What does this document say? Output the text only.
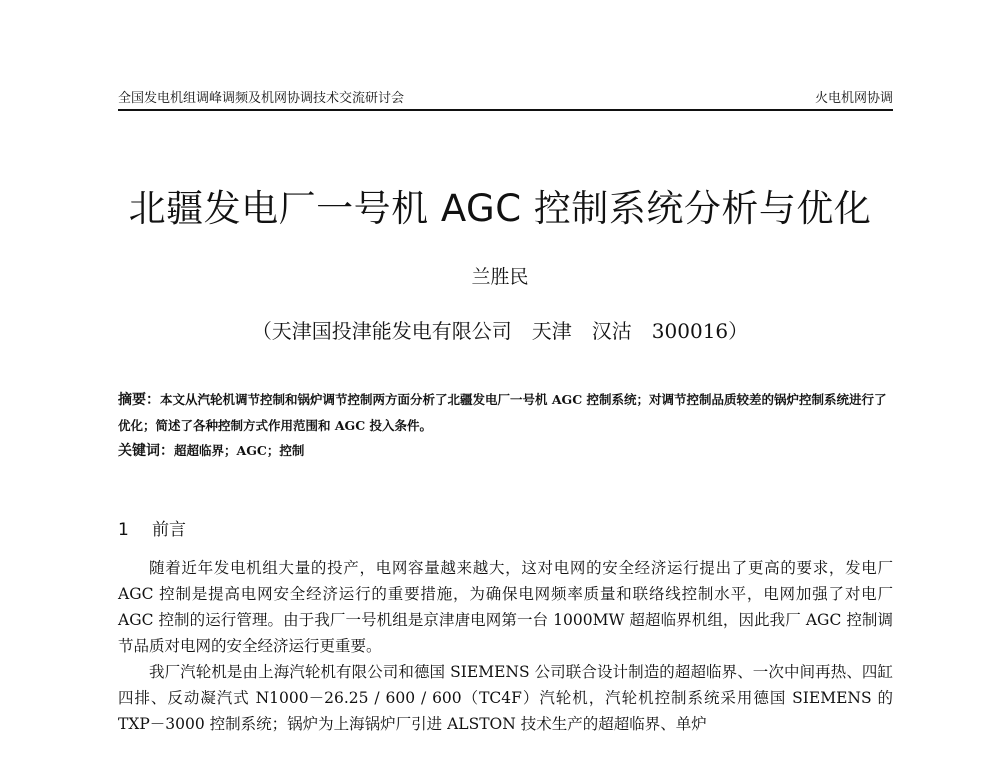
全国发电机组调峰调频及机网协调技术交流研讨会	火电机网协调
北疆发电厂一号机 AGC 控制系统分析与优化
兰胜民
（天津国投津能发电有限公司　天津　汉沽　300016）
摘要：本文从汽轮机调节控制和锅炉调节控制两方面分析了北疆发电厂一号机 AGC 控制系统；对调节控制品质较差的锅炉控制系统进行了优化；简述了各种控制方式作用范围和 AGC 投入条件。
关键词：超超临界；AGC；控制
1 前言

随着近年发电机组大量的投产，电网容量越来越大，这对电网的安全经济运行提出了更高的要求，发电厂 AGC 控制是提高电网安全经济运行的重要措施，为确保电网频率质量和联络线控制水平，电网加强了对电厂 AGC 控制的运行管理。由于我厂一号机组是京津唐电网第一台 1000MW 超超临界机组，因此我厂 AGC 控制调节品质对电网的安全经济运行更重要。

我厂汽轮机是由上海汽轮机有限公司和德国 SIEMENS 公司联合设计制造的超超临界、一次中间再热、四缸四排、反动凝汽式 N1000－26.25 / 600 / 600（TC4F）汽轮机，汽轮机控制系统采用德国 SIEMENS 的 TXP－3000 控制系统；锅炉为上海锅炉厂引进 ALSTON 技术生产的超超临界、单炉
